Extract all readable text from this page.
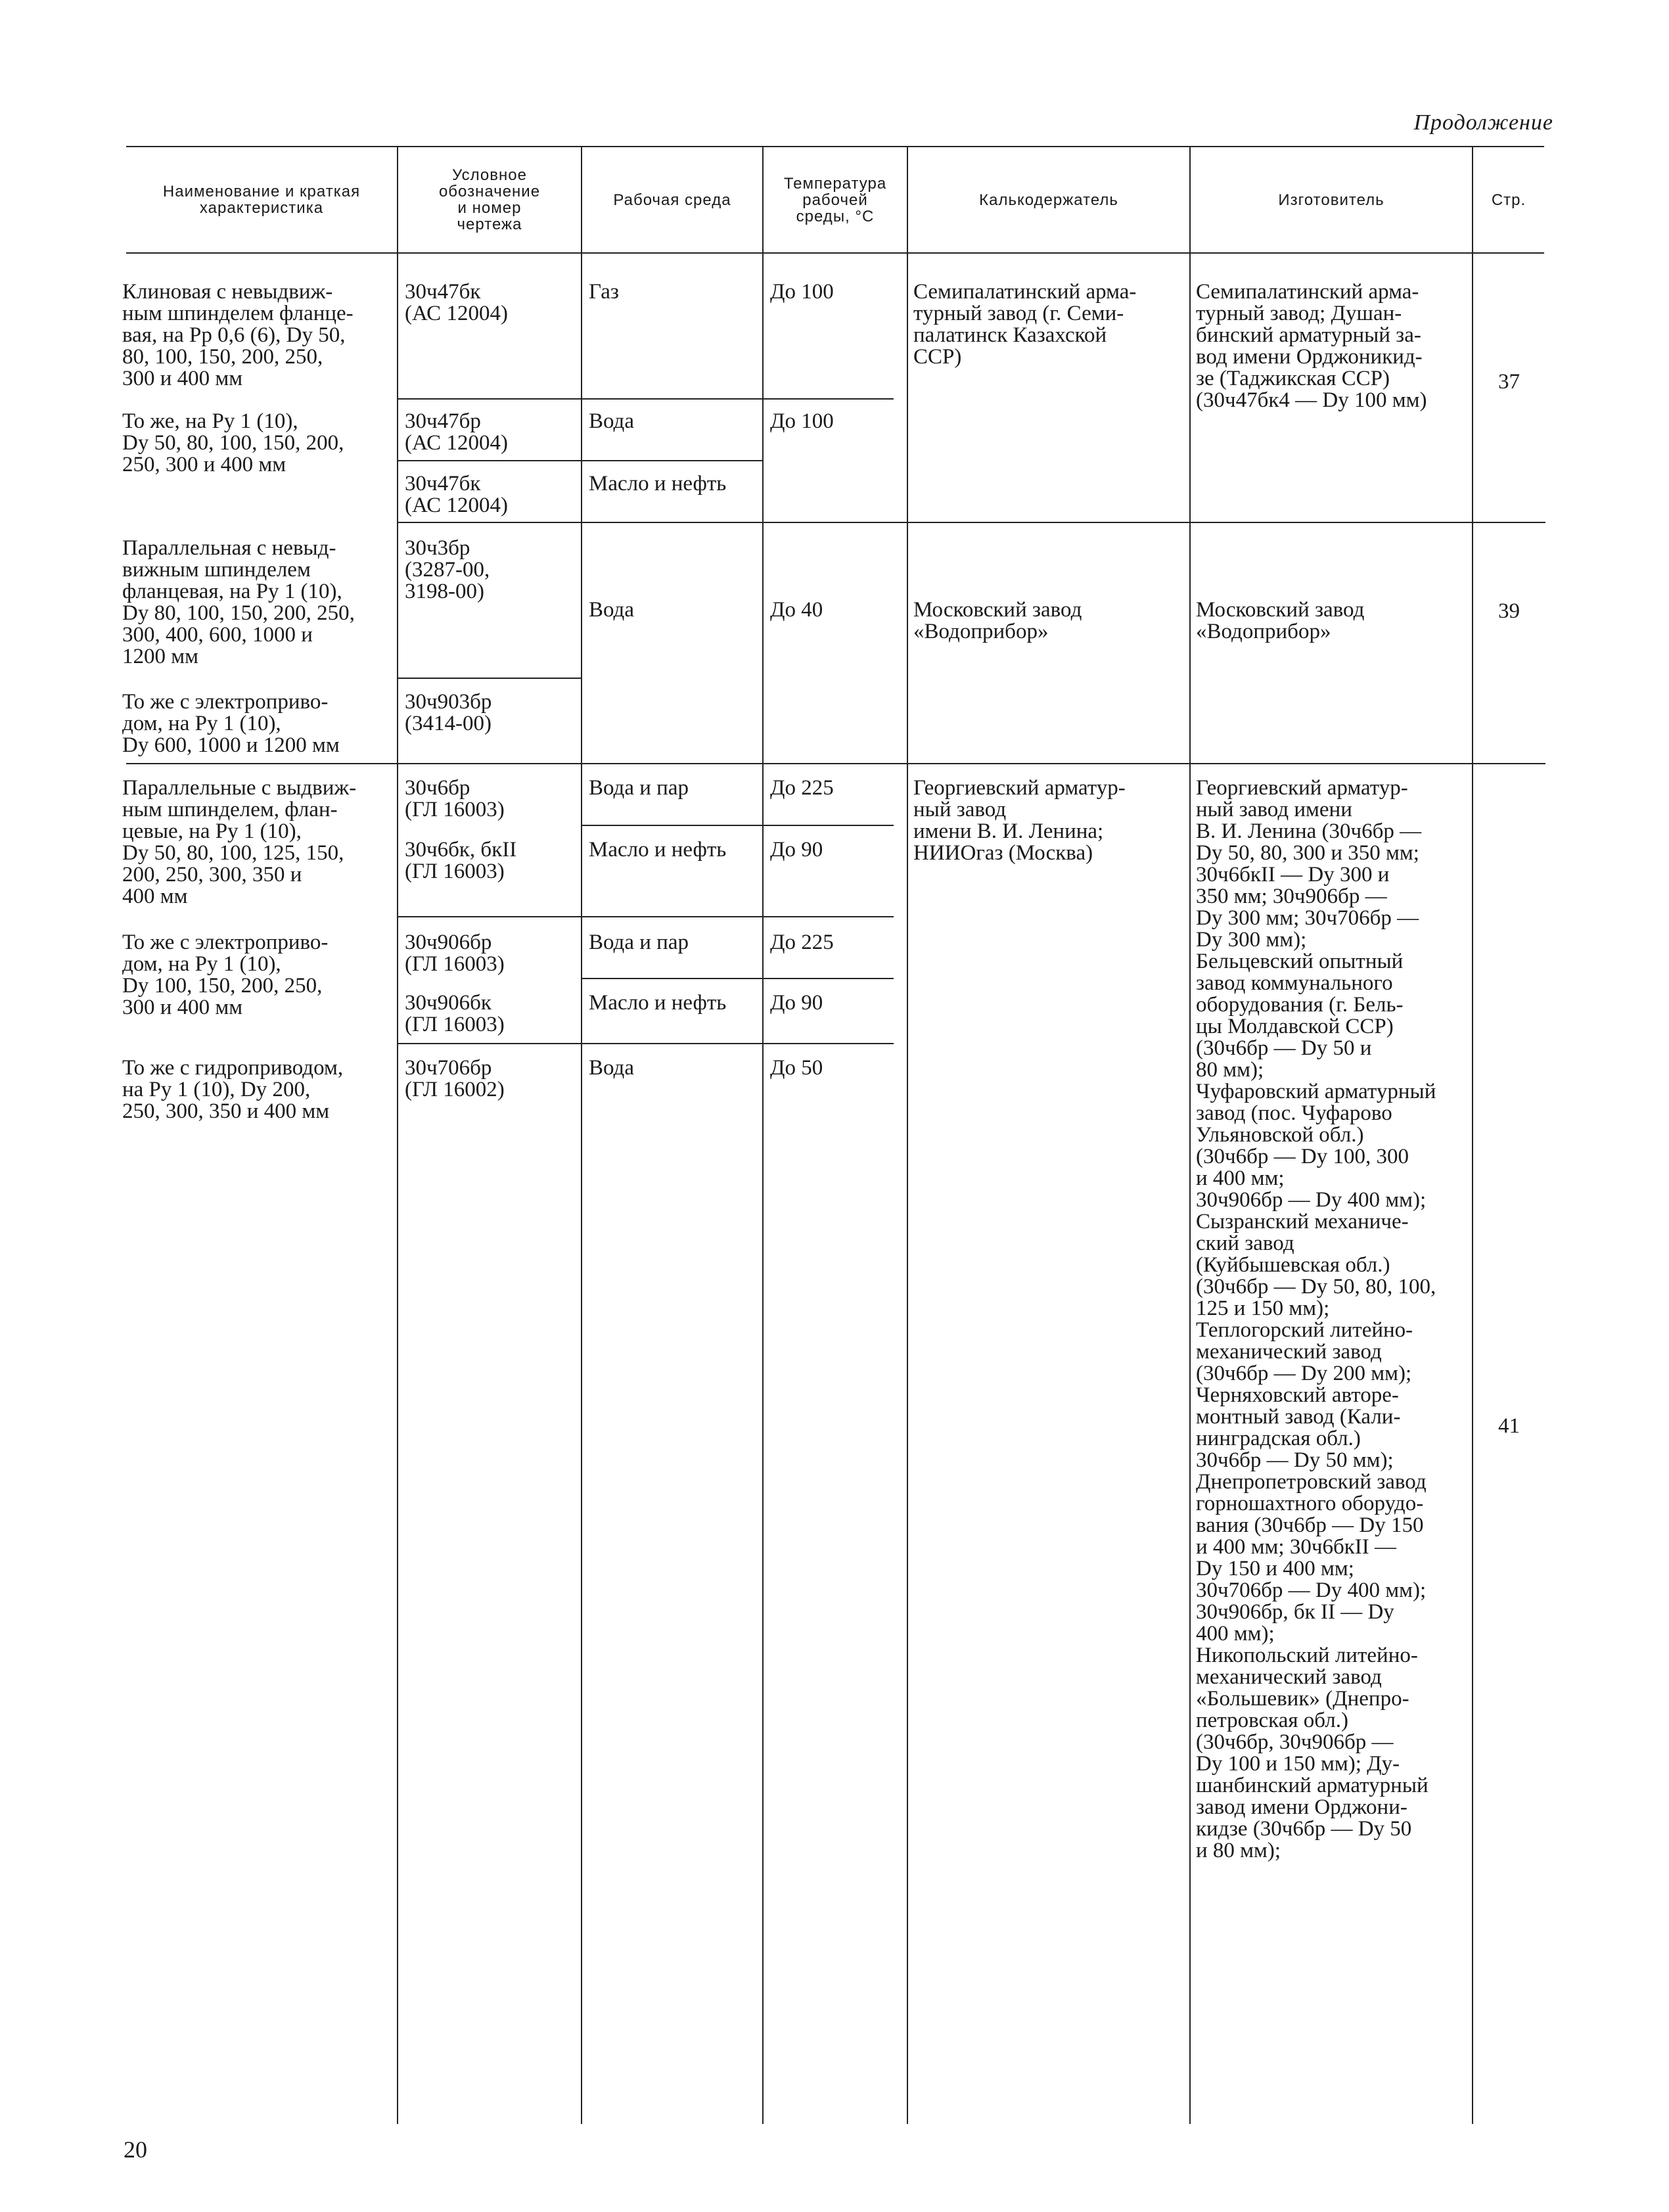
Продолжение
Наименование и краткая
характеристика
Условное
обозначение
и номер
чертежа
Рабочая среда
Температура
рабочей
среды, °С
Калькодержатель	Изготовитель	Стр.
Клиновая с невыдвиж-
ным шпинделем фланце-
вая, на Pр 0,6 (6), Dу 50,
80, 100, 150, 200, 250,
300 и 400 мм
То же, на Pу 1 (10),
Dу 50, 80, 100, 150, 200,
250, 300 и 400 мм
Параллельная с невыд-
вижным шпинделем
фланцевая, на Pу 1 (10),
Dу 80, 100, 150, 200, 250,
300, 400, 600, 1000 и
1200 мм
То же с электроприво-
дом, на Pу 1 (10),
Dу 600, 1000 и 1200 мм
Параллельные с выдвиж-
ным шпинделем, флан-
цевые, на Pу 1 (10),
Dу 50, 80, 100, 125, 150,
200, 250, 300, 350 и
400 мм
То же с электроприво-
дом, на Pу 1 (10),
Dу 100, 150, 200, 250,
300 и 400 мм
То же с гидроприводом,
на Pу 1 (10), Dу 200,
250, 300, 350 и 400 мм
30ч47бк
(АС 12004)
30ч47бр
(АС 12004)
30ч47бк
(АС 12004)
30ч3бр
(3287-00,
3198-00)
30ч903бр
(3414-00)
30ч6бр
(ГЛ 16003)
30ч6бк, бкII
(ГЛ 16003)
30ч906бр
(ГЛ 16003)
30ч906бк
(ГЛ 16003)
30ч706бр
(ГЛ 16002)
Газ
Вода
Масло и нефть
Вода
Вода и пар
Масло и нефть
Вода и пар
Масло и нефть
Вода
До 100
До 100
До 40
До 225
До 90
До 225
До 90
До 50
Семипалатинский арма-
турный завод (г. Семи-
палатинск Казахской
ССР)
Московский завод
«Водоприбор»
Георгиевский арматур-
ный завод
имени В. И. Ленина;
НИИОгаз (Москва)
Семипалатинский арма-
турный завод; Душан-
бинский арматурный за-
вод имени Орджоникид-
зе (Таджикская ССР)
(30ч47бк4 — Dу 100 мм)
Московский завод
«Водоприбор»
Георгиевский арматур-
ный завод имени
В. И. Ленина (30ч6бр —
Dу 50, 80, 300 и 350 мм;
30ч6бкII — Dу 300 и
350 мм; 30ч906бр —
Dу 300 мм; 30ч706бр —
Dу 300 мм);
Бельцевский опытный
завод коммунального
оборудования (г. Бель-
цы Молдавской ССР)
(30ч6бр — Dу 50 и
80 мм);
Чуфаровский арматурный
завод (пос. Чуфарово
Ульяновской обл.)
(30ч6бр — Dу 100, 300
и 400 мм;
30ч906бр — Dу 400 мм);
Сызранский механиче-
ский завод
(Куйбышевская обл.)
(30ч6бр — Dу 50, 80, 100,
125 и 150 мм);
Теплогорский литейно-
механический завод
(30ч6бр — Dу 200 мм);
Черняховский авторе-
монтный завод (Кали-
нинградская обл.)
30ч6бр — Dу 50 мм);
Днепропетровский завод
горношахтного оборудо-
вания (30ч6бр — Dу 150
и 400 мм; 30ч6бкII —
Dу 150 и 400 мм;
30ч706бр — Dу 400 мм);
30ч906бр, бк II — Dу
400 мм);
Никопольский литейно-
механический завод
«Большевик» (Днепро-
петровская обл.)
(30ч6бр, 30ч906бр —
Dу 100 и 150 мм); Ду-
шанбинский арматурный
завод имени Орджони-
кидзе (30ч6бр — Dу 50
и 80 мм);
37
39
41
20
